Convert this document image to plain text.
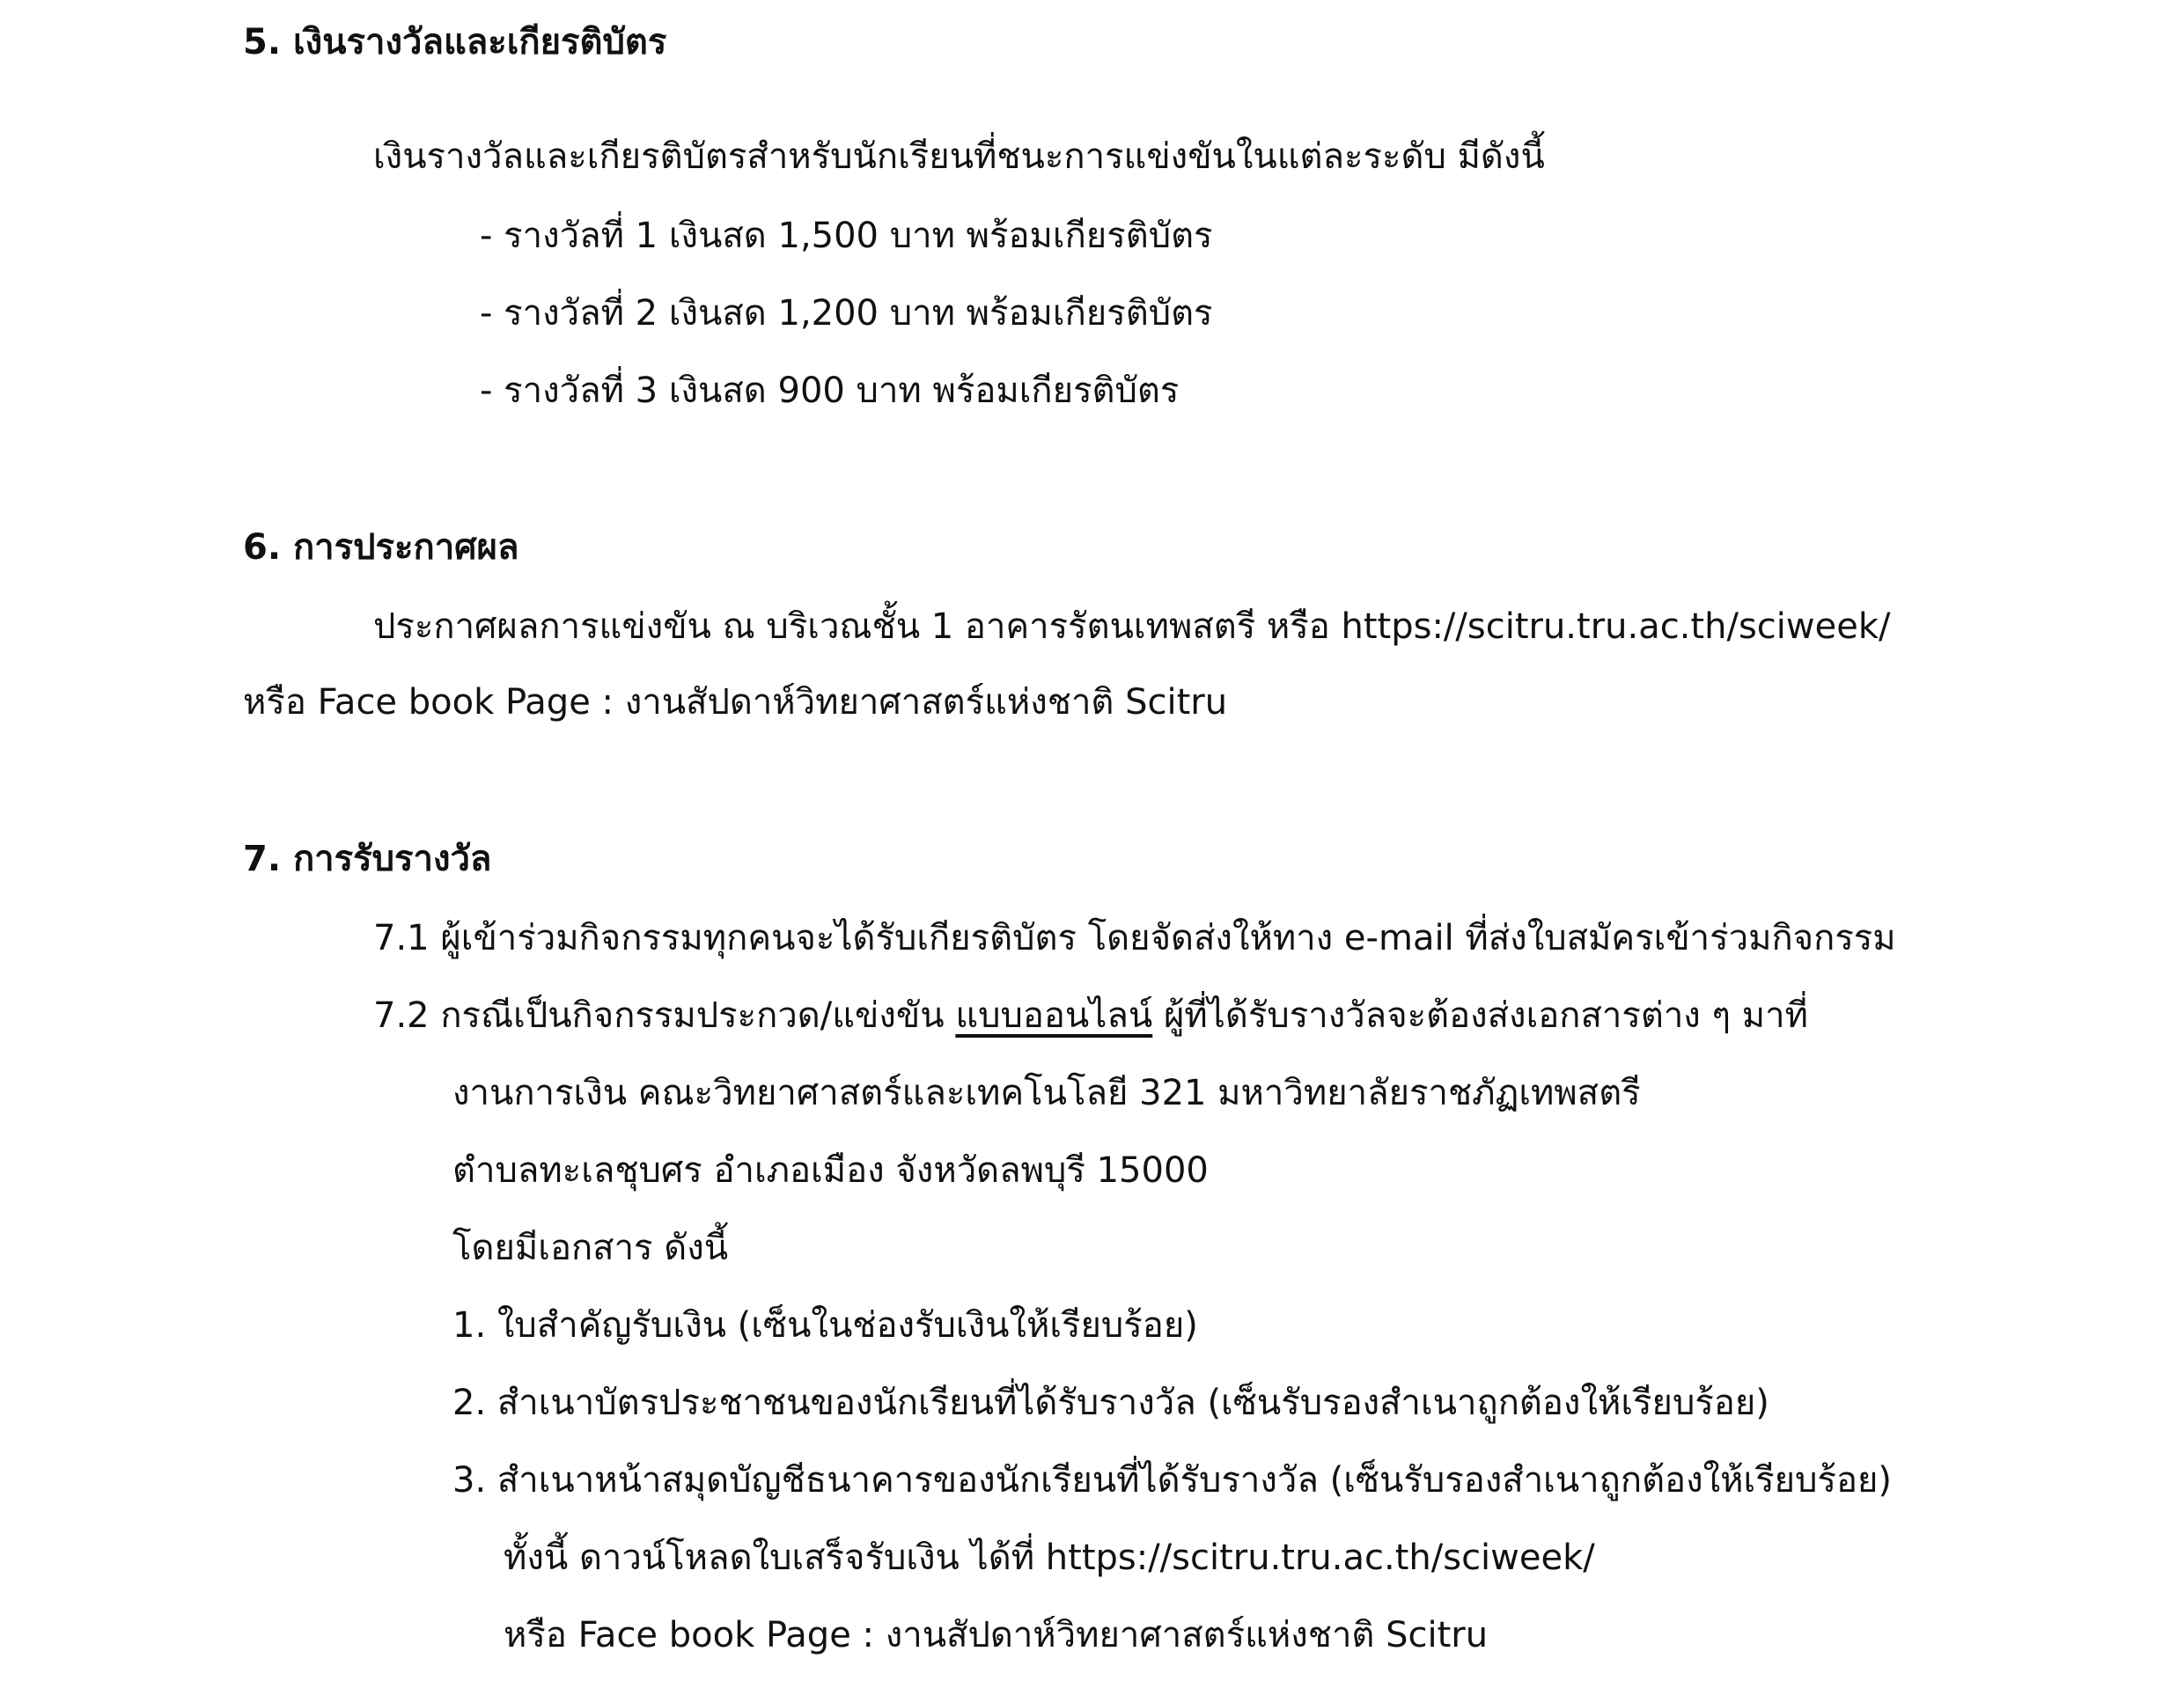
5. เงินรางวัลและเกียรติบัตร
เงินรางวัลและเกียรติบัตรสำหรับนักเรียนที่ชนะการแข่งขันในแต่ละระดับ มีดังนี้
- รางวัลที่ 1 เงินสด 1,500 บาท พร้อมเกียรติบัตร
- รางวัลที่ 2 เงินสด 1,200 บาท พร้อมเกียรติบัตร
- รางวัลที่ 3 เงินสด 900 บาท พร้อมเกียรติบัตร
6. การประกาศผล
ประกาศผลการแข่งขัน ณ บริเวณชั้น 1 อาคารรัตนเทพสตรี หรือ https://scitru.tru.ac.th/sciweek/
หรือ Face book Page : งานสัปดาห์วิทยาศาสตร์แห่งชาติ Scitru
7. การรับรางวัล
7.1 ผู้เข้าร่วมกิจกรรมทุกคนจะได้รับเกียรติบัตร โดยจัดส่งให้ทาง e-mail ที่ส่งใบสมัครเข้าร่วมกิจกรรม
7.2 กรณีเป็นกิจกรรมประกวด/แข่งขัน แบบออนไลน์ ผู้ที่ได้รับรางวัลจะต้องส่งเอกสารต่าง ๆ มาที่
งานการเงิน คณะวิทยาศาสตร์และเทคโนโลยี 321 มหาวิทยาลัยราชภัฏเทพสตรี
ตำบลทะเลชุบศร อำเภอเมือง จังหวัดลพบุรี 15000
โดยมีเอกสาร ดังนี้
1. ใบสำคัญรับเงิน (เซ็นในช่องรับเงินให้เรียบร้อย)
2. สำเนาบัตรประชาชนของนักเรียนที่ได้รับรางวัล (เซ็นรับรองสำเนาถูกต้องให้เรียบร้อย)
3. สำเนาหน้าสมุดบัญชีธนาคารของนักเรียนที่ได้รับรางวัล (เซ็นรับรองสำเนาถูกต้องให้เรียบร้อย)
ทั้งนี้ ดาวน์โหลดใบเสร็จรับเงิน ได้ที่ https://scitru.tru.ac.th/sciweek/
หรือ Face book Page : งานสัปดาห์วิทยาศาสตร์แห่งชาติ Scitru
